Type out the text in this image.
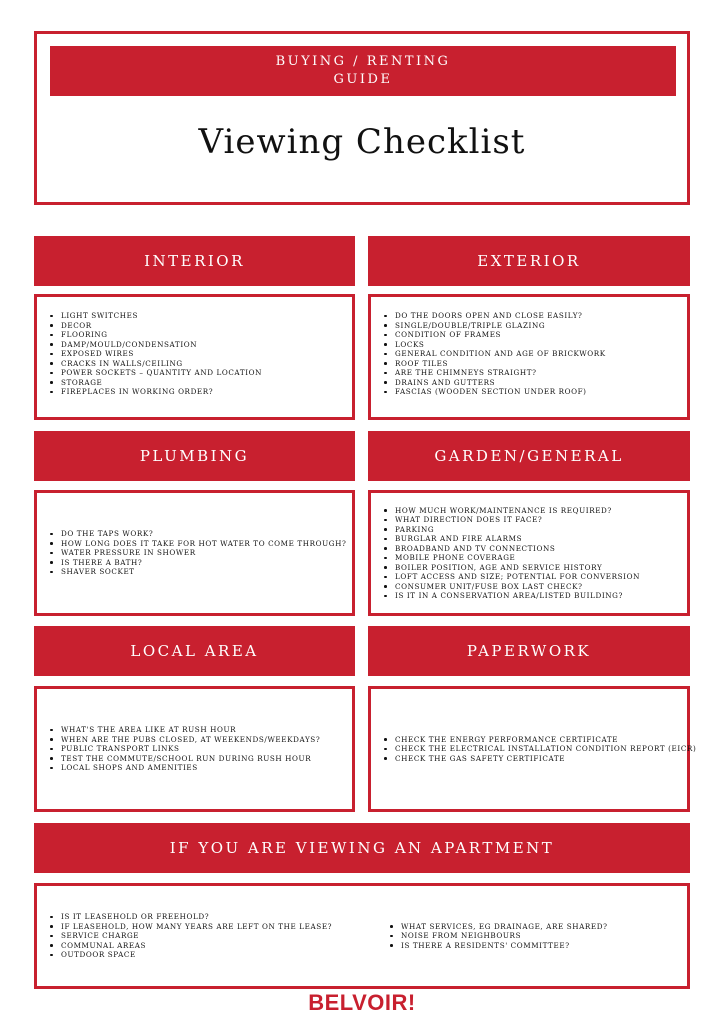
BUYING / RENTING
GUIDE
Viewing Checklist
INTERIOR
LIGHT SWITCHES
DECOR
FLOORING
DAMP/MOULD/CONDENSATION
EXPOSED WIRES
CRACKS IN WALLS/CEILING
POWER SOCKETS – QUANTITY AND LOCATION
STORAGE
FIREPLACES IN WORKING ORDER?
EXTERIOR
DO THE DOORS OPEN AND CLOSE EASILY?
SINGLE/DOUBLE/TRIPLE GLAZING
CONDITION OF FRAMES
LOCKS
GENERAL CONDITION AND AGE OF BRICKWORK
ROOF TILES
ARE THE CHIMNEYS STRAIGHT?
DRAINS AND GUTTERS
FASCIAS (WOODEN SECTION UNDER ROOF)
PLUMBING
DO THE TAPS WORK?
HOW LONG DOES IT TAKE FOR HOT WATER TO COME THROUGH?
WATER PRESSURE IN SHOWER
IS THERE A BATH?
SHAVER SOCKET
GARDEN/GENERAL
HOW MUCH WORK/MAINTENANCE IS REQUIRED?
WHAT DIRECTION DOES IT FACE?
PARKING
BURGLAR AND FIRE ALARMS
BROADBAND AND TV CONNECTIONS
MOBILE PHONE COVERAGE
BOILER POSITION, AGE AND SERVICE HISTORY
LOFT ACCESS AND SIZE; POTENTIAL FOR CONVERSION
CONSUMER UNIT/FUSE BOX LAST CHECK?
IS IT IN A CONSERVATION AREA/LISTED BUILDING?
LOCAL AREA
WHAT'S THE AREA LIKE AT RUSH HOUR
WHEN ARE THE PUBS CLOSED, AT WEEKENDS/WEEKDAYS?
PUBLIC TRANSPORT LINKS
TEST THE COMMUTE/SCHOOL RUN DURING RUSH HOUR
LOCAL SHOPS AND AMENITIES
PAPERWORK
CHECK THE ENERGY PERFORMANCE CERTIFICATE
CHECK THE ELECTRICAL INSTALLATION CONDITION REPORT (EICR)
CHECK THE GAS SAFETY CERTIFICATE
IF YOU ARE VIEWING AN APARTMENT
IS IT LEASEHOLD OR FREEHOLD?
IF LEASEHOLD, HOW MANY YEARS ARE LEFT ON THE LEASE?
SERVICE CHARGE
COMMUNAL AREAS
OUTDOOR SPACE
WHAT SERVICES, EG DRAINAGE, ARE SHARED?
NOISE FROM NEIGHBOURS
IS THERE A RESIDENTS' COMMITTEE?
BELVOIR!
